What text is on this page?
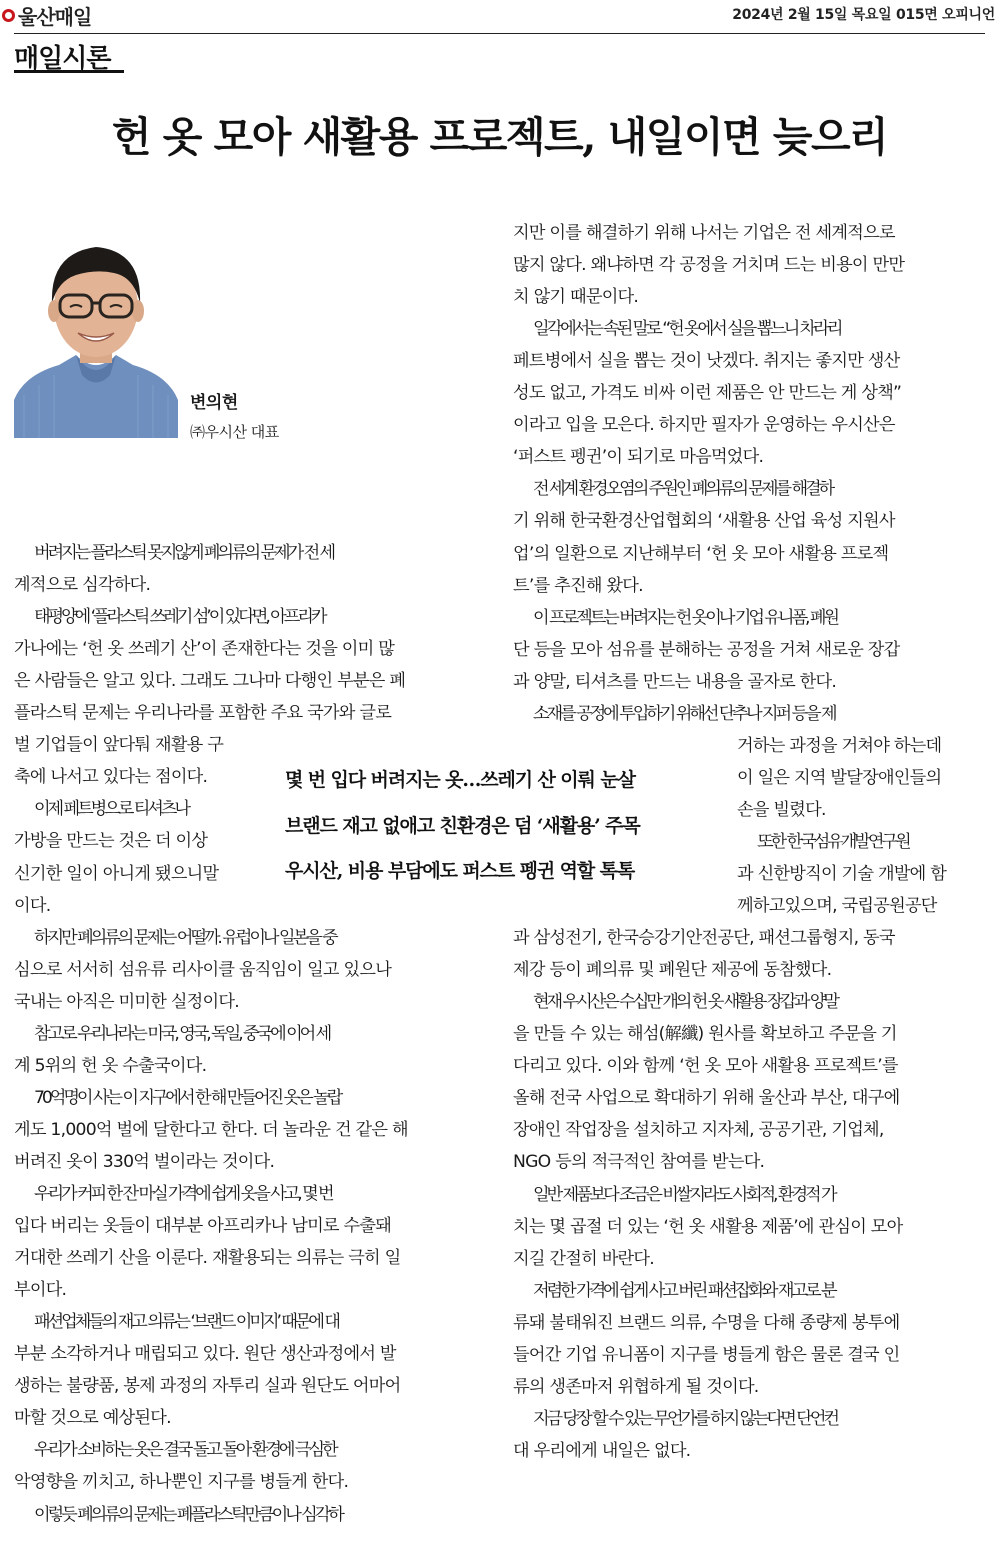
울산매일	2024년 2월 15일 목요일 015면 오피니언
매일시론
헌 옷 모아 새활용 프로젝트, 내일이면 늦으리
변의현
㈜우시산 대표
몇 번 입다 버려지는 옷…쓰레기 산 이뤄 눈살
브랜드 재고 없애고 친환경은 덤 ‘새활용’ 주목
우시산, 비용 부담에도 퍼스트 펭귄 역할 톡톡
버려지는 플라스틱 못지않게 폐의류의 문제가 전 세
계적으로 심각하다.
태평양에 ‘플라스틱 쓰레기 섬’이 있다면, 아프리카
가나에는 ‘헌 옷 쓰레기 산’이 존재한다는 것을 이미 많
은 사람들은 알고 있다. 그래도 그나마 다행인 부분은 폐
플라스틱 문제는 우리나라를 포함한 주요 국가와 글로
벌 기업들이 앞다퉈 재활용 구
축에 나서고 있다는 점이다.
이제 페트병으로 티셔츠나
가방을 만드는 것은 더 이상
신기한 일이 아니게 됐으니말
이다.
하지만 폐의류의 문제는 어떨까. 유럽이나 일본을 중
심으로 서서히 섬유류 리사이클 움직임이 일고 있으나
국내는 아직은 미미한 실정이다.
참고로 우리나라는 미국, 영국, 독일, 중국에 이어 세
계 5위의 헌 옷 수출국이다.
70억명이 사는 이 지구에서 한 해 만들어진 옷은 놀랍
게도 1,000억 벌에 달한다고 한다. 더 놀라운 건 같은 해
버려진 옷이 330억 벌이라는 것이다.
우리가 커피 한 잔 마실 가격에 쉽게 옷을 사고, 몇 번
입다 버리는 옷들이 대부분 아프리카나 남미로 수출돼
거대한 쓰레기 산을 이룬다. 재활용되는 의류는 극히 일
부이다.
패션업체들의 재고 의류는 ‘브랜드 이미지’ 때문에 대
부분 소각하거나 매립되고 있다. 원단 생산과정에서 발
생하는 불량품, 봉제 과정의 자투리 실과 원단도 어마어
마할 것으로 예상된다.
우리가 소비하는 옷은 결국 돌고 돌아 환경에 극심한
악영향을 끼치고, 하나뿐인 지구를 병들게 한다.
이렇듯 폐의류의 문제는 폐플라스틱만큼이나 심각하
지만 이를 해결하기 위해 나서는 기업은 전 세계적으로
많지 않다. 왜냐하면 각 공정을 거치며 드는 비용이 만만
치 않기 때문이다.
일각에서는 속된 말로 “헌 옷에서 실을 뽑느니 차라리
페트병에서 실을 뽑는 것이 낫겠다. 취지는 좋지만 생산
성도 없고, 가격도 비싸 이런 제품은 안 만드는 게 상책”
이라고 입을 모은다. 하지만 필자가 운영하는 우시산은
‘퍼스트 펭귄’이 되기로 마음먹었다.
전 세계 환경오염의 주원인 폐의류의 문제를 해결하
기 위해 한국환경산업협회의 ‘새활용 산업 육성 지원사
업’의 일환으로 지난해부터 ‘헌 옷 모아 새활용 프로젝
트’를 추진해 왔다.
이 프로젝트는 버려지는 헌 옷이나 기업 유니폼, 폐원
단 등을 모아 섬유를 분해하는 공정을 거쳐 새로운 장갑
과 양말, 티셔츠를 만드는 내용을 골자로 한다.
소재를 공정에 투입하기 위해선 단추나 지퍼 등을 제
거하는 과정을 거쳐야 하는데
이 일은 지역 발달장애인들의
손을 빌렸다.
또한 한국섬유개발연구원
과 신한방직이 기술 개발에 함
께하고있으며, 국립공원공단
과 삼성전기, 한국승강기안전공단, 패션그룹형지, 동국
제강 등이 폐의류 및 폐원단 제공에 동참했다.
현재 우시산은 수십만 개의 헌 옷 새활용 장갑과 양말
을 만들 수 있는 해섬(解纖) 원사를 확보하고 주문을 기
다리고 있다. 이와 함께 ‘헌 옷 모아 새활용 프로젝트’를
올해 전국 사업으로 확대하기 위해 울산과 부산, 대구에
장애인 작업장을 설치하고 지자체, 공공기관, 기업체,
NGO 등의 적극적인 참여를 받는다.
일반 제품보다 조금은 비쌀지라도 사회적, 환경적 가
치는 몇 곱절 더 있는 ‘헌 옷 새활용 제품’에 관심이 모아
지길 간절히 바란다.
저렴한 가격에 쉽게 사고 버린 패션잡화와 재고로 분
류돼 불태워진 브랜드 의류, 수명을 다해 종량제 봉투에
들어간 기업 유니폼이 지구를 병들게 함은 물론 결국 인
류의 생존마저 위협하게 될 것이다.
지금 당장 할 수 있는 무언가를 하지 않는다면 단언컨
대 우리에게 내일은 없다.
